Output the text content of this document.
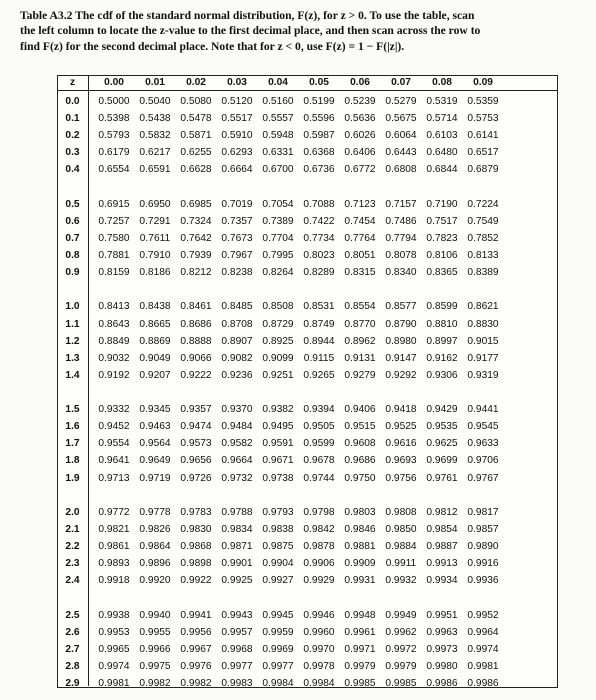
Table A3.2 The cdf of the standard normal distribution, F(z), for z > 0. To use the table, scan

the left column to locate the z-value to the first decimal place, and then scan across the row to

find F(z) for the second decimal place. Note that for z < 0, use F(z) = 1 − F(|z|).

z	0.00	0.01	0.02	0.03	0.04	0.05	0.06	0.07	0.08	0.09
0.0	0.5000 0.5040 0.5080 0.5120 0.5160 0.5199 0.5239 0.5279 0.5319 0.5359
0.1	0.5398 0.5438 0.5478 0.5517 0.5557 0.5596 0.5636 0.5675 0.5714 0.5753
0.2	0.5793 0.5832 0.5871 0.5910 0.5948 0.5987 0.6026 0.6064 0.6103 0.6141
0.3	0.6179 0.6217 0.6255 0.6293 0.6331 0.6368 0.6406 0.6443 0.6480 0.6517
0.4	0.6554 0.6591 0.6628 0.6664 0.6700 0.6736 0.6772 0.6808 0.6844 0.6879
0.5	0.6915 0.6950 0.6985 0.7019 0.7054 0.7088 0.7123 0.7157 0.7190 0.7224
0.6	0.7257 0.7291 0.7324 0.7357 0.7389 0.7422 0.7454 0.7486 0.7517 0.7549
0.7	0.7580	0.7611	0.7642 0.7673 0.7704 0.7734 0.7764 0.7794 0.7823 0.7852
0.8	0.7881 0.7910 0.7939 0.7967 0.7995 0.8023 0.8051 0.8078 0.8106 0.8133
0.9	0.8159 0.8186 0.8212 0.8238 0.8264 0.8289 0.8315 0.8340 0.8365 0.8389
1.0	0.8413 0.8438 0.8461 0.8485 0.8508 0.8531 0.8554 0.8577 0.8599 0.8621
1.1	0.8643 0.8665 0.8686 0.8708 0.8729 0.8749 0.8770 0.8790 0.8810 0.8830
1.2	0.8849 0.8869 0.8888 0.8907 0.8925 0.8944 0.8962 0.8980 0.8997 0.9015
1.3	0.9032 0.9049 0.9066 0.9082 0.9099	0.9115	0.9131 0.9147 0.9162 0.9177
1.4	0.9192 0.9207 0.9222 0.9236 0.9251 0.9265 0.9279 0.9292 0.9306 0.9319
1.5	0.9332 0.9345 0.9357 0.9370 0.9382 0.9394 0.9406 0.9418 0.9429 0.9441
1.6	0.9452 0.9463 0.9474 0.9484 0.9495 0.9505 0.9515 0.9525 0.9535 0.9545
1.7	0.9554 0.9564 0.9573 0.9582 0.9591 0.9599 0.9608 0.9616 0.9625 0.9633
1.8	0.9641 0.9649 0.9656 0.9664 0.9671 0.9678 0.9686 0.9693 0.9699 0.9706
1.9	0.9713 0.9719 0.9726 0.9732 0.9738 0.9744 0.9750 0.9756 0.9761 0.9767
2.0	0.9772 0.9778 0.9783 0.9788 0.9793 0.9798 0.9803 0.9808 0.9812 0.9817
2.1	0.9821 0.9826 0.9830 0.9834 0.9838 0.9842 0.9846 0.9850 0.9854 0.9857
2.2	0.9861 0.9864 0.9868 0.9871 0.9875 0.9878 0.9881 0.9884 0.9887 0.9890
2.3	0.9893 0.9896 0.9898 0.9901 0.9904 0.9906 0.9909	0.9911	0.9913 0.9916
2.4	0.9918 0.9920 0.9922 0.9925 0.9927 0.9929 0.9931 0.9932 0.9934 0.9936
2.5	0.9938 0.9940 0.9941 0.9943 0.9945 0.9946 0.9948 0.9949 0.9951 0.9952
2.6	0.9953 0.9955 0.9956 0.9957 0.9959 0.9960 0.9961 0.9962 0.9963 0.9964
2.7	0.9965 0.9966 0.9967 0.9968 0.9969 0.9970 0.9971 0.9972 0.9973 0.9974
2.8	0.9974 0.9975 0.9976 0.9977 0.9977 0.9978 0.9979 0.9979 0.9980 0.9981
2.9	0.9981 0.9982 0.9982 0.9983 0.9984 0.9984 0.9985 0.9985 0.9986 0.9986
